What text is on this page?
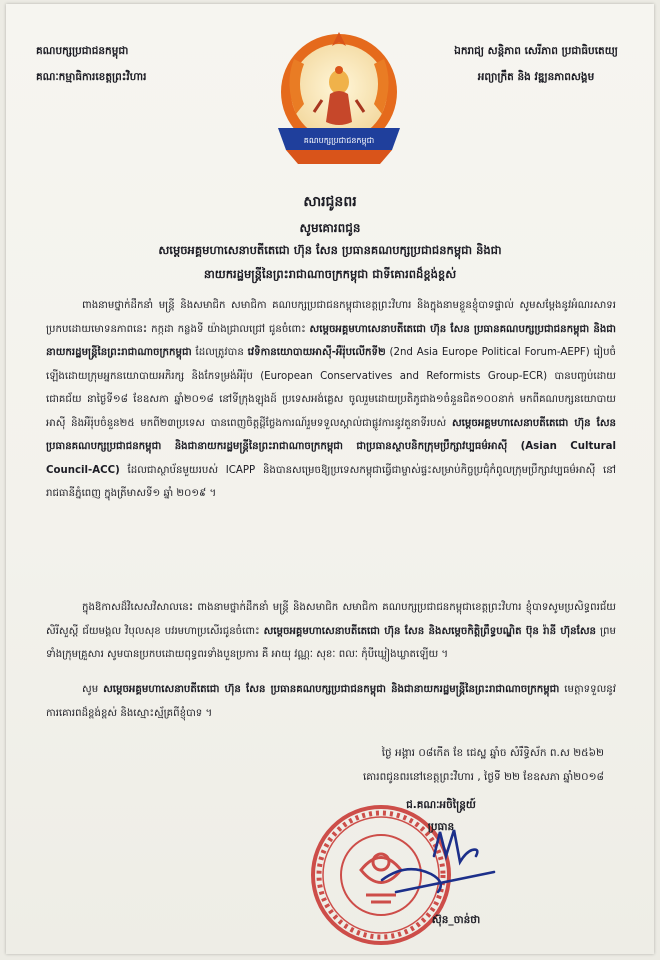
គណបក្សប្រជាជនកម្ពុជា
គណៈកម្មាធិការខេត្តព្រះវិហារ
គណបក្សប្រជាជនកម្ពុជា
ឯករាជ្យ សន្តិភាព សេរីភាព ប្រជាធិបតេយ្យ
អព្យាក្រឹត និង វឌ្ឍនភាពសង្គម
សារជូនពរ
សូមគោរពជូន
សម្ដេចអគ្គមហាសេនាបតីតេជោ ហ៊ុន សែន ប្រធានគណបក្សប្រជាជនកម្ពុជា និងជា
នាយករដ្ឋមន្ត្រីនៃព្រះរាជាណាចក្រកម្ពុជា ជាទីគោរពដ៏ខ្ពង់ខ្ពស់
ពាងនាមថ្នាក់ដឹកនាំ មន្ត្រី និងសមាជិក សមាជិកា គណបក្សប្រជាជនកម្ពុជាខេត្តព្រះវិហារ និងក្នុងនាមខ្លួនខ្ញុំបាទផ្ទាល់ សូមសម្តែងនូវអំណរសាទរ ប្រកបដោយមោទនភាពនេះ កក្កដា កន្លងទី យ៉ាងជ្រាលជ្រៅ ជូនចំពោះ សម្តេចអគ្គមហាសេនាបតីតេជោ ហ៊ុន សែន ប្រធានគណបក្សប្រជាជនកម្ពុជា និងជានាយករដ្ឋមន្ត្រីនៃព្រះរាជាណាចក្រកម្ពុជា ដែលត្រូវបាន វេទិកានយោបាយអាស៊ី-អឺរ៉ុបលើកទី២ (2nd Asia Europe Political Forum-AEPF) រៀបចំឡើងដោយក្រុមអ្នកនយោបាយអភិរក្ស និងកែទម្រង់អឺរ៉ុប (European Conservatives and Reformists Group-ECR) បានបញ្ចប់ដោយជោគជ័យ នាថ្ងៃទី១៨ ខែឧសភា ឆ្នាំ២០១៨ នៅទីក្រុងឡុងដ៍ ប្រទេសអង់គ្លេស ចូលរួមដោយប្រតិភូជាង១ចំនួនជិត១០០នាក់ មកពីគណបក្សនយោបាយអាស៊ី និងអឺរ៉ុបចំនួន២៥ មកពី២៣ប្រទេស បានពេញចិត្តដ្ដីថ្លែងការណ៍រួមទទួលស្គាល់ជាផ្លូវការនូវតួនាទីរបស់ សម្តេចអគ្គមហាសេនាបតីតេជោ ហ៊ុន សែន ប្រធានគណបក្សប្រជាជនកម្ពុជា និងជានាយករដ្ឋមន្ត្រីនៃព្រះរាជាណាចក្រកម្ពុជា ជាប្រធានស្ថាបនិកក្រុមប្រឹក្សាវប្បធម៌អាស៊ី (Asian Cultural Council-ACC) ដែលជាស្ថាប័នមួយរបស់ ICAPP និងបានសម្រេចឱ្យប្រទេសកម្ពុជាធ្វើជាម្ចាស់ផ្ទះសម្រាប់កិច្ចប្រជុំកំពូលក្រុមប្រឹក្សាវប្បធម៌អាស៊ី នៅរាជធានីភ្នំពេញ ក្នុងត្រីមាសទី១ ឆ្នាំ ២០១៩ ។
ក្នុងឱកាសដ៏វិសេសវិសាលនេះ ពាងនាមថ្នាក់ដឹកនាំ មន្ត្រី និងសមាជិក សមាជិកា គណបក្សប្រជាជនកម្ពុជាខេត្តព្រះវិហារ ខ្ញុំបាទសូមប្រសិទ្ធពរជ័យ សិរីសួស្តី ជ័យមង្គល វិបុលសុខ បវរមហាប្រសើរជូនចំពោះ សម្តេចអគ្គមហាសេនាបតីតេជោ ហ៊ុន សែន និងសម្តេចកិត្តិព្រឹទ្ធបណ្ឌិត ប៊ុន រ៉ានី ហ៊ុនសែន ព្រមទាំងក្រុមគ្រួសារ សូមបានប្រកបដោយពុទ្ធពរទាំងបួនប្រការ គឺ អាយុ វណ្ណៈ សុខៈ ពលៈ កុំបីឃ្លៀងឃ្លាតឡើយ ។
សូម សម្តេចអគ្គមហាសេនាបតីតេជោ ហ៊ុន សែន ប្រធានគណបក្សប្រជាជនកម្ពុជា និងជានាយករដ្ឋមន្ត្រីនៃព្រះរាជាណាចក្រកម្ពុជា មេត្តាទទួលនូវការគោរពដ៏ខ្ពង់ខ្ពស់ និងស្មោះស្ម័គ្រពីខ្ញុំបាទ ។
ថ្ងៃ អង្គារ ០៨កើត ខែ ជេស្ឋ ឆ្នាំច សំរឹទ្ធិស័ក ព.ស ២៥៦២
គោរពជូនពរនៅខេត្តព្រះវិហារ , ថ្ងៃទី ២២ ខែឧសភា ឆ្នាំ២០១៨
ជ.គណៈអចិន្ត្រៃយ៍
ប្រធាន
ស៊ុន_ចាន់ថា
